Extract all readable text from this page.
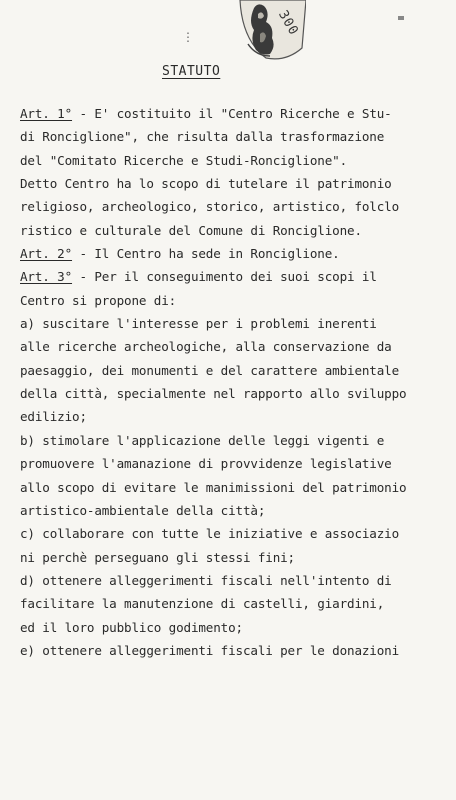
300
⋮
STATUTO
Art. 1° - E' costituito il "Centro Ricerche e Stu-
di Ronciglione", che risulta dalla trasformazione
del "Comitato Ricerche e Studi-Ronciglione".
Detto Centro ha lo scopo di tutelare il patrimonio
religioso, archeologico, storico, artistico, folclo
ristico e culturale del Comune di Ronciglione.
Art. 2° - Il Centro ha sede in Ronciglione.
Art. 3° - Per il conseguimento dei suoi scopi il
Centro si propone di:
a) suscitare l'interesse per i problemi inerenti
alle ricerche archeologiche, alla conservazione da
paesaggio, dei monumenti e del carattere ambientale
della città, specialmente nel rapporto allo sviluppo
edilizio;
b) stimolare l'applicazione delle leggi vigenti e
promuovere l'amanazione di provvidenze legislative
allo scopo di evitare le manimissioni del patrimonio
artistico-ambientale della città;
c) collaborare con tutte le iniziative e associazio
ni perchè perseguano gli stessi fini;
d) ottenere alleggerimenti fiscali nell'intento di
facilitare la manutenzione di castelli, giardini,
ed il loro pubblico godimento;
e) ottenere alleggerimenti fiscali per le donazioni
